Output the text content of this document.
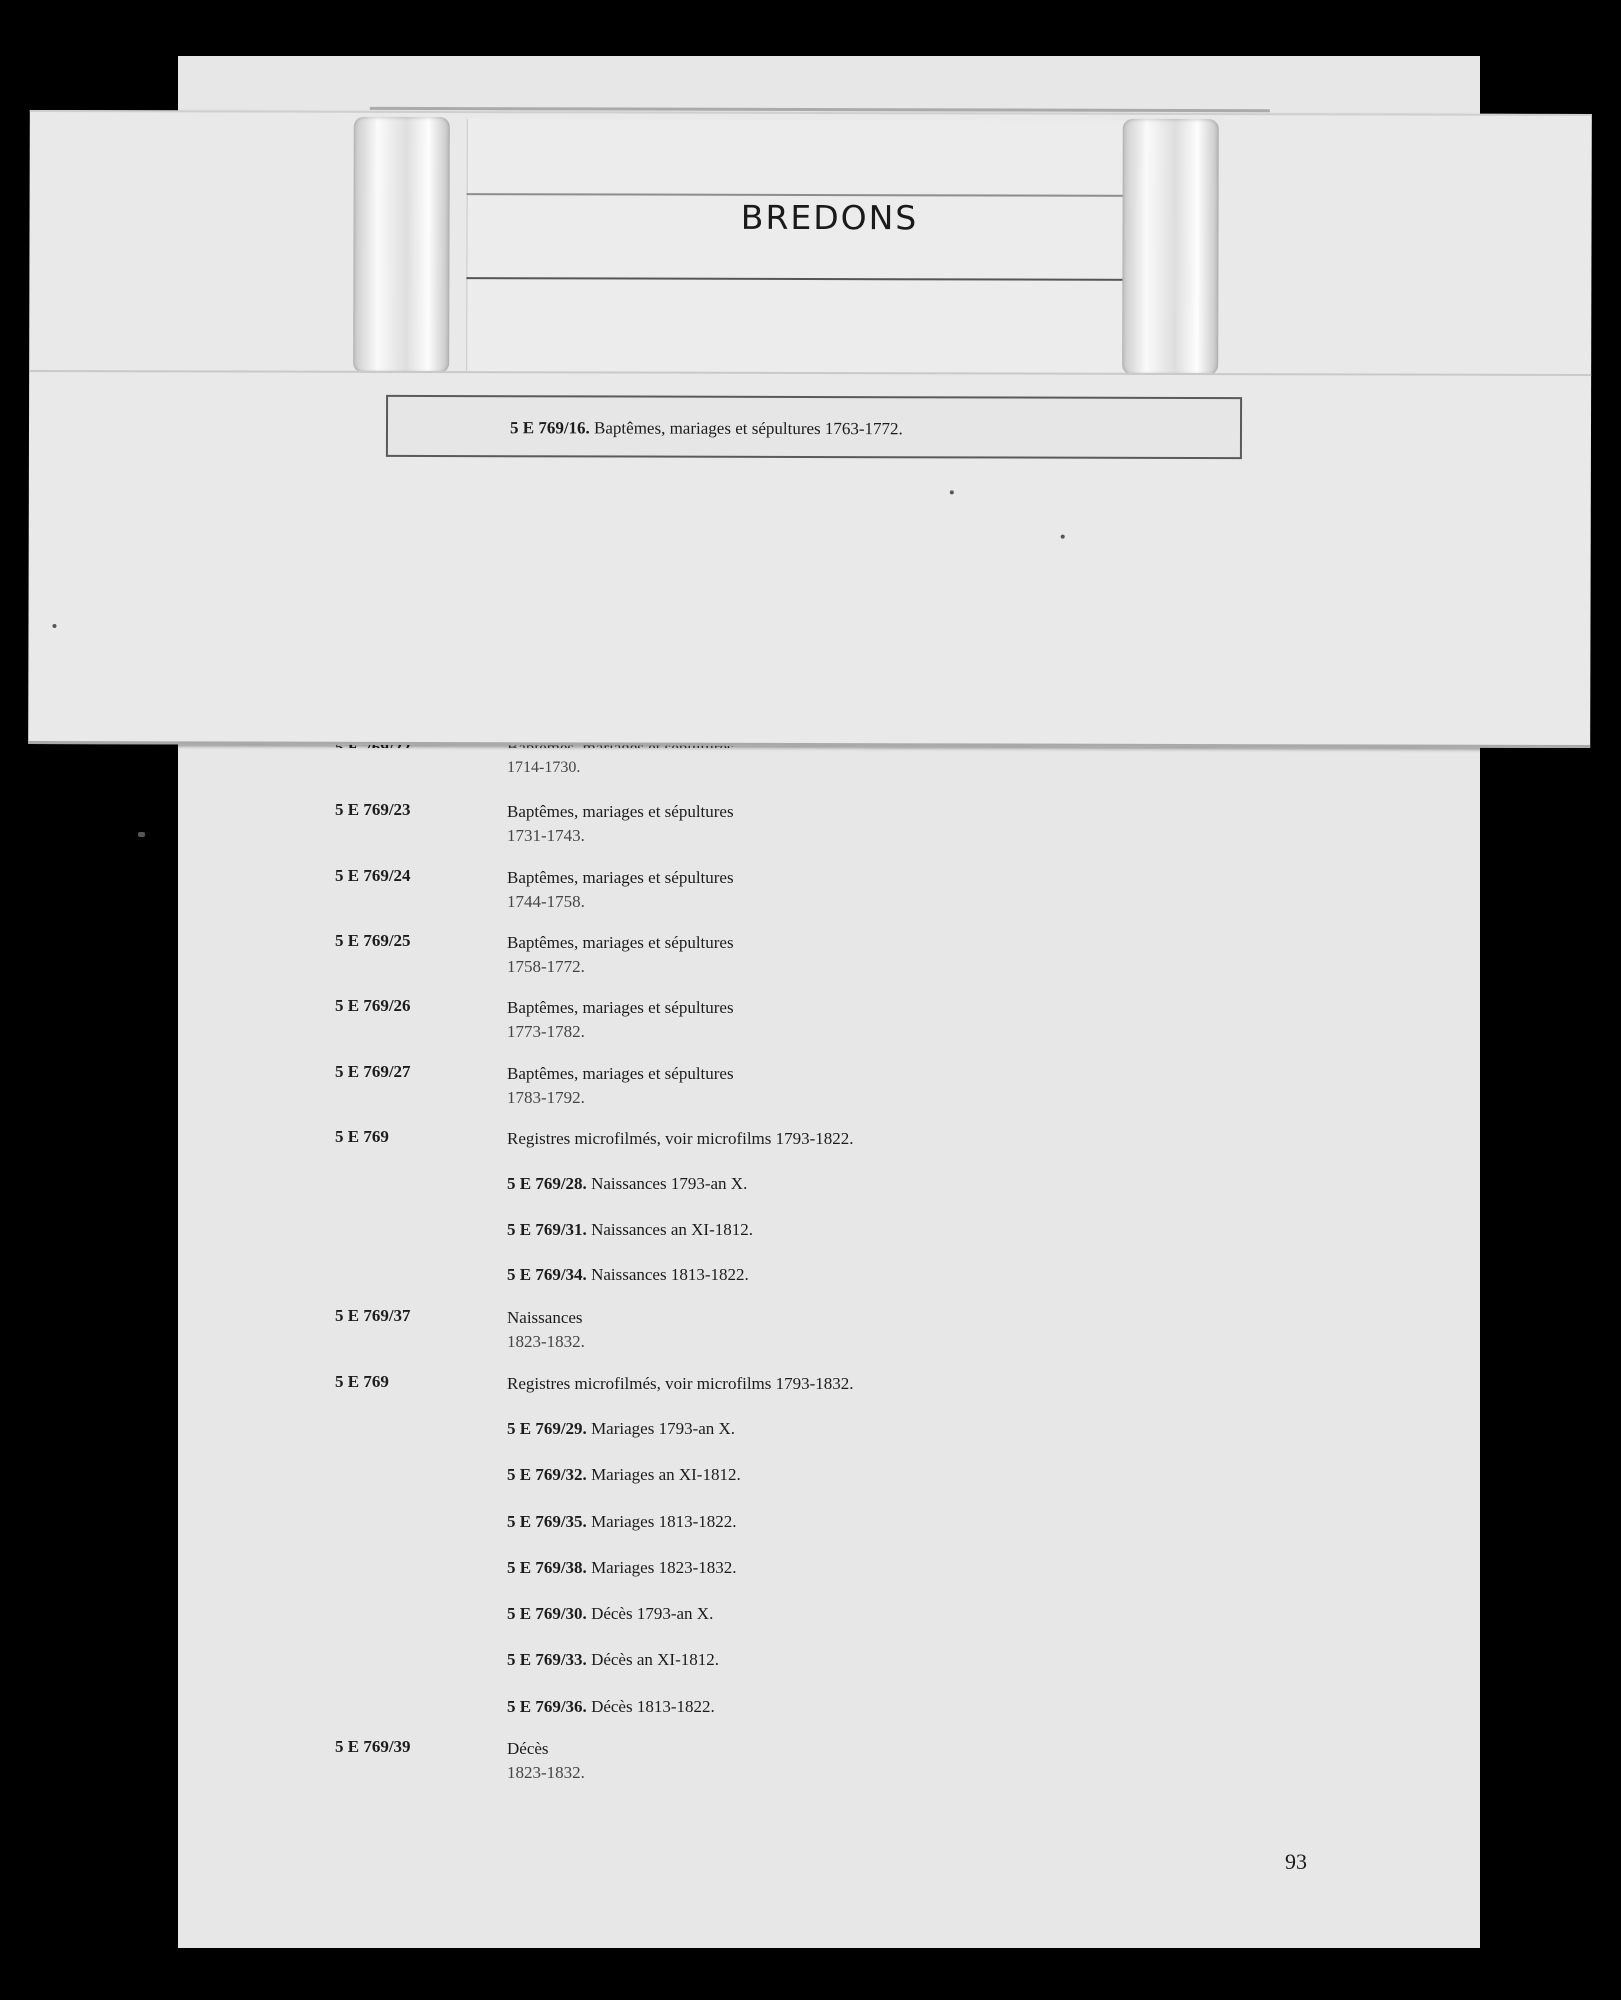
1714-1730.
5 E 769/23	Baptêmes, mariages et sépultures
1731-1743.
5 E 769/24	Baptêmes, mariages et sépultures
1744-1758.
5 E 769/25	Baptêmes, mariages et sépultures
1758-1772.
5 E 769/26	Baptêmes, mariages et sépultures
1773-1782.
5 E 769/27	Baptêmes, mariages et sépultures
1783-1792.
5 E 769	Registres microfilmés, voir microfilms 1793-1822.
5 E 769/28. Naissances 1793-an X.
5 E 769/31. Naissances an XI-1812.
5 E 769/34. Naissances 1813-1822.
5 E 769/37	Naissances
1823-1832.
5 E 769	Registres microfilmés, voir microfilms 1793-1832.
5 E 769/29. Mariages 1793-an X.
5 E 769/32. Mariages an XI-1812.
5 E 769/35. Mariages 1813-1822.
5 E 769/38. Mariages 1823-1832.
5 E 769/30. Décès 1793-an X.
5 E 769/33. Décès an XI-1812.
5 E 769/36. Décès 1813-1822.
5 E 769/39	Décès
1823-1832.
93
BREDONS
5 E 769/16. Baptêmes, mariages et sépultures 1763-1772.
